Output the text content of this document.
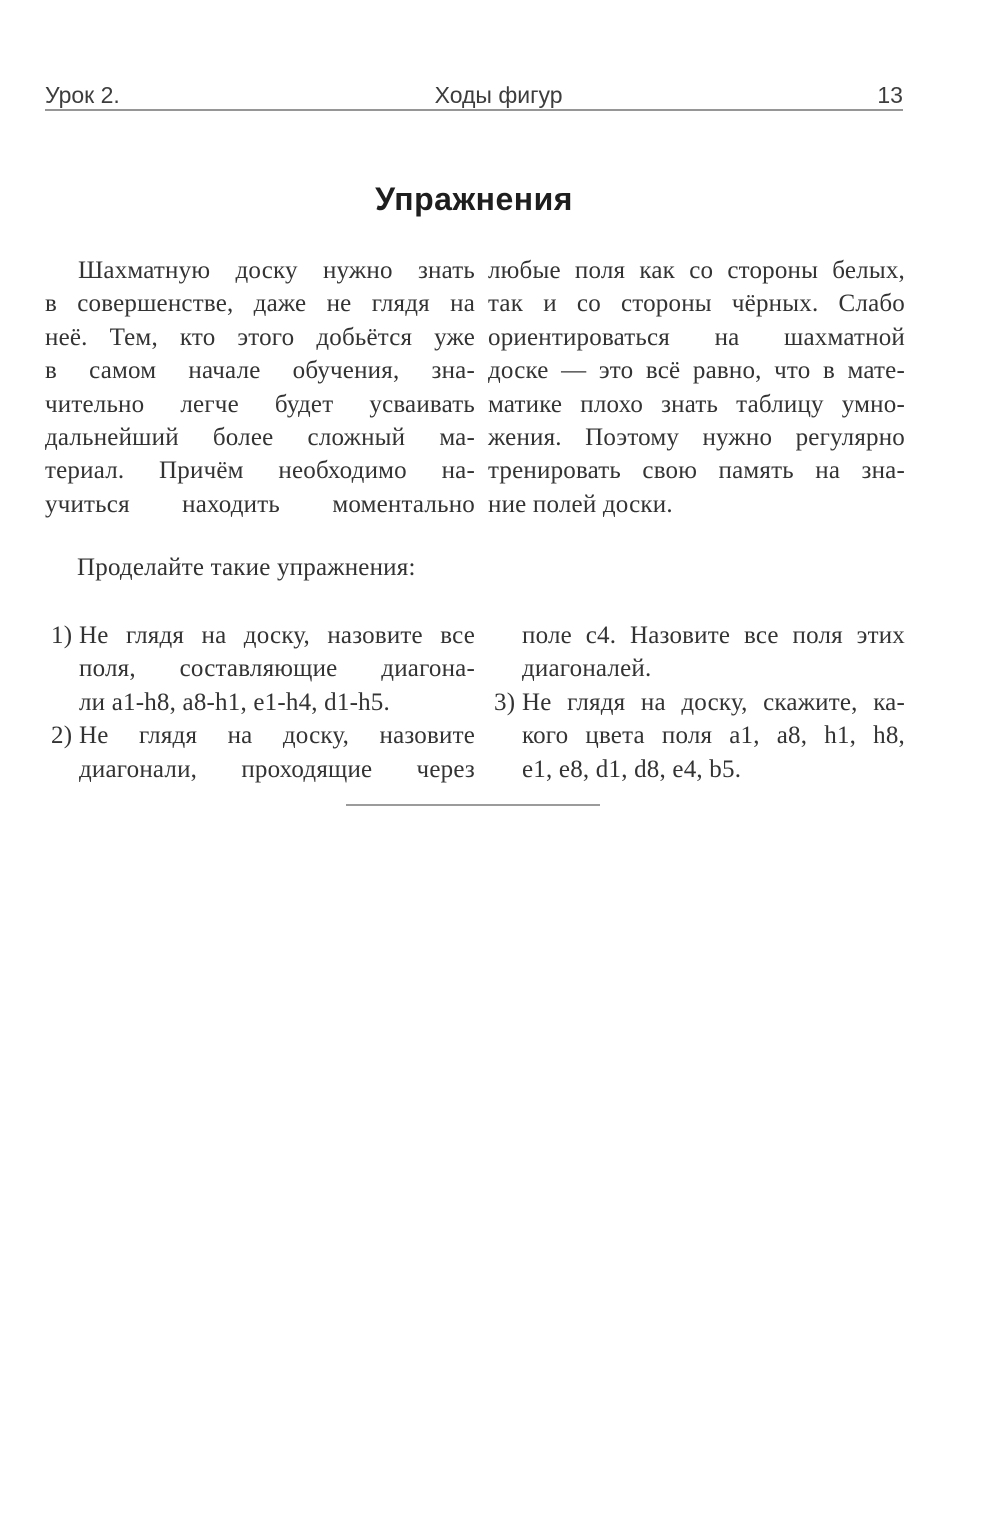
Урок 2.	Ходы фигур	13
Упражнения
Шахматную доску нужно знать
в совершенстве, даже не глядя на
неё. Тем, кто этого добьётся уже
в самом начале обучения, зна-
чительно легче будет усваивать
дальнейший более сложный ма-
териал. Причём необходимо на-
учиться находить моментально
любые поля как со стороны белых,
так и со стороны чёрных. Слабо
ориентироваться на шахматной
доске — это всё равно, что в мате-
матике плохо знать таблицу умно-
жения. Поэтому нужно регулярно
тренировать свою память на зна-
ние полей доски.

Проделайте такие упражнения:

1) Не глядя на доску, назовите все
поля, составляющие диагона-
ли a1-h8, a8-h1, e1-h4, d1-h5.
2) Не глядя на доску, назовите
диагонали, проходящие через
поле c4. Назовите все поля этих
диагоналей.
3) Не глядя на доску, скажите, ка-
кого цвета поля a1, a8, h1, h8,
e1, e8, d1, d8, e4, b5.
